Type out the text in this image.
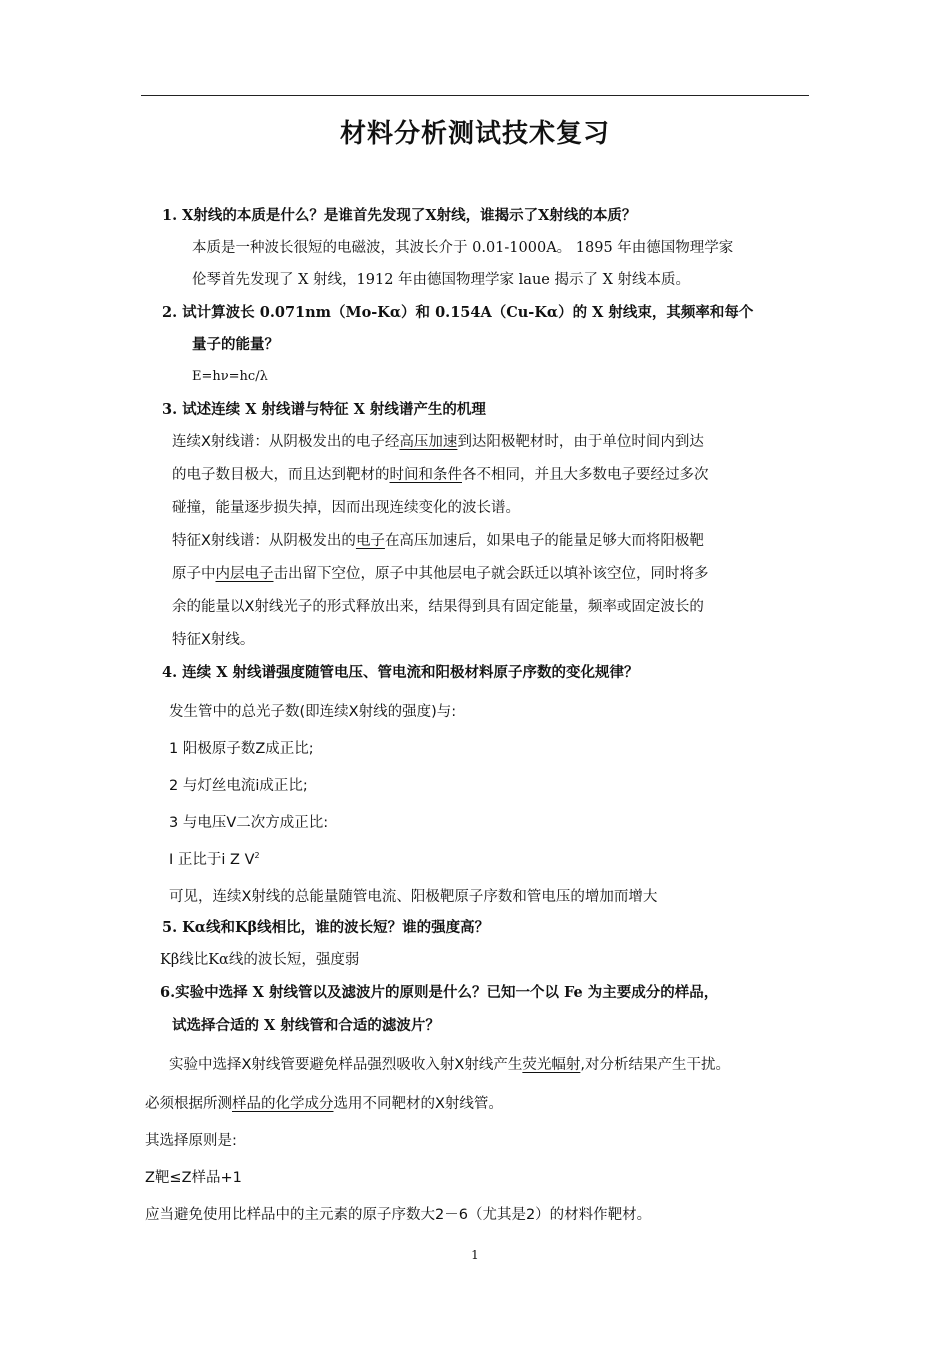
材料分析测试技术复习
1. X射线的本质是什么？是谁首先发现了X射线，谁揭示了X射线的本质？
本质是一种波长很短的电磁波，其波长介于 0.01-1000A。 1895 年由德国物理学家
伦琴首先发现了 X 射线，1912 年由德国物理学家 laue 揭示了 X 射线本质。
2. 试计算波长 0.071nm（Mo-Kα）和 0.154A（Cu-Kα）的 X 射线束，其频率和每个
量子的能量？
E=hν=hc/λ
3. 试述连续 X 射线谱与特征 X 射线谱产生的机理
连续X射线谱：从阴极发出的电子经高压加速到达阳极靶材时，由于单位时间内到达
的电子数目极大，而且达到靶材的时间和条件各不相同，并且大多数电子要经过多次
碰撞，能量逐步损失掉，因而出现连续变化的波长谱。
特征X射线谱：从阴极发出的电子在高压加速后，如果电子的能量足够大而将阳极靶
原子中内层电子击出留下空位，原子中其他层电子就会跃迁以填补该空位，同时将多
余的能量以X射线光子的形式释放出来，结果得到具有固定能量，频率或固定波长的
特征X射线。
4. 连续 X 射线谱强度随管电压、管电流和阳极材料原子序数的变化规律？
发生管中的总光子数(即连续X射线的强度)与:
1 阳极原子数Z成正比;
2 与灯丝电流i成正比;
3 与电压V二次方成正比:
I 正比于i Z $V^2$
可见，连续X射线的总能量随管电流、阳极靶原子序数和管电压的增加而增大
5. Kα线和Kβ线相比，谁的波长短？谁的强度高？
Kβ线比Kα线的波长短，强度弱
6.实验中选择 X 射线管以及滤波片的原则是什么？已知一个以 Fe 为主要成分的样品，
试选择合适的 X 射线管和合适的滤波片？
实验中选择X射线管要避免样品强烈吸收入射X射线产生荧光幅射,对分析结果产生干扰。
必须根据所测样品的化学成分选用不同靶材的X射线管。
其选择原则是:
Z靶≤Z样品+1
应当避免使用比样品中的主元素的原子序数大2－6（尤其是2）的材料作靶材。
1
